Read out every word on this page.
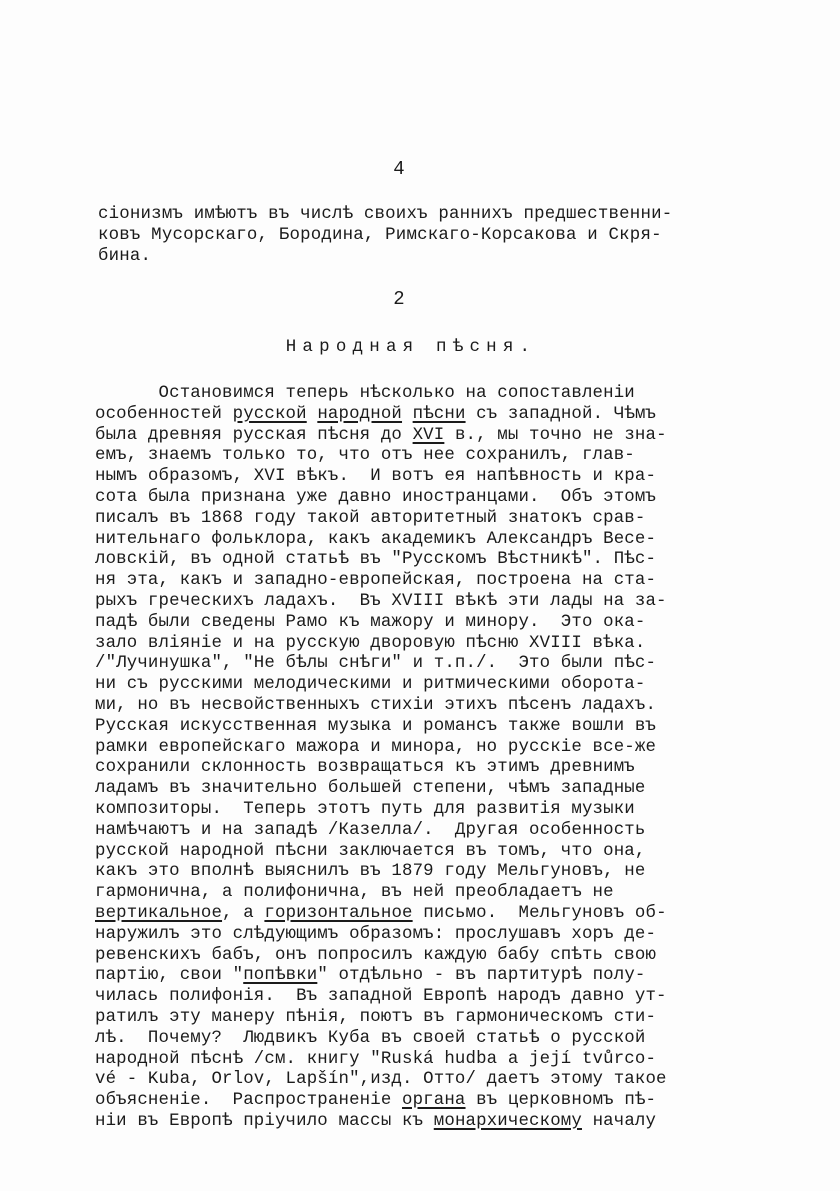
4
сіонизмъ имѣютъ въ числѣ своихъ раннихъ предшественни-
ковъ Мусорскаго, Бородина, Римскаго-Корсакова и Скря-
бина.
2
Народная пѣсня.
Остановимся теперь нѣсколько на сопоставленіи
особенностей русской народной пѣсни съ западной. Чѣмъ
была древняя русская пѣсня до XVI в., мы точно не зна-
емъ, знаемъ только то, что отъ нее сохранилъ, глав-
нымъ образомъ, XVI вѣкъ.  И вотъ ея напѣвность и кра-
сота была признана уже давно иностранцами.  Объ этомъ
писалъ въ 1868 году такой авторитетный знатокъ срав-
нительнаго фольклора, какъ академикъ Александръ Весе-
ловскій, въ одной статьѣ въ "Русскомъ Вѣстникѣ". Пѣс-
ня эта, какъ и западно-европейская, построена на ста-
рыхъ греческихъ ладахъ.  Въ XVIII вѣкѣ эти лады на за-
падѣ были сведены Рамо къ мажору и минору.  Это ока-
зало вліяніе и на русскую дворовую пѣсню XVIII вѣка.
/"Лучинушка", "Не бѣлы снѣги" и т.п./.  Это были пѣс-
ни съ русскими мелодическими и ритмическими оборота-
ми, но въ несвойственныхъ стихіи этихъ пѣсенъ ладахъ.
Русская искусственная музыка и романсъ также вошли въ
рамки европейскаго мажора и минора, но русскіе все-же
сохранили склонность возвращаться къ этимъ древнимъ
ладамъ въ значительно большей степени, чѣмъ западные
композиторы.  Теперь этотъ путь для развитія музыки
намѣчаютъ и на западѣ /Казелла/.  Другая особенность
русской народной пѣсни заключается въ томъ, что она,
какъ это вполнѣ выяснилъ въ 1879 году Мельгуновъ, не
гармонична, а полифонична, въ ней преобладаетъ не
вертикальное, а горизонтальное письмо.  Мельгуновъ об-
наружилъ это слѣдующимъ образомъ: прослушавъ хоръ де-
ревенскихъ бабъ, онъ попросилъ каждую бабу спѣть свою
партію, свои "попѣвки" отдѣльно - въ партитурѣ полу-
чилась полифонія.  Въ западной Европѣ народъ давно ут-
ратилъ эту манеру пѣнія, поютъ въ гармоническомъ сти-
лѣ.  Почему?  Людвикъ Куба въ своей статьѣ о русской
народной пѣснѣ /см. книгу "Ruská hudba a její tvůrco-
vé - Kuba, Orlov, Lapšín",изд. Отто/ даетъ этому такое
объясненіе.  Распространеніе органа въ церковномъ пѣ-
ніи въ Европѣ пріучило массы къ монархическому началу
